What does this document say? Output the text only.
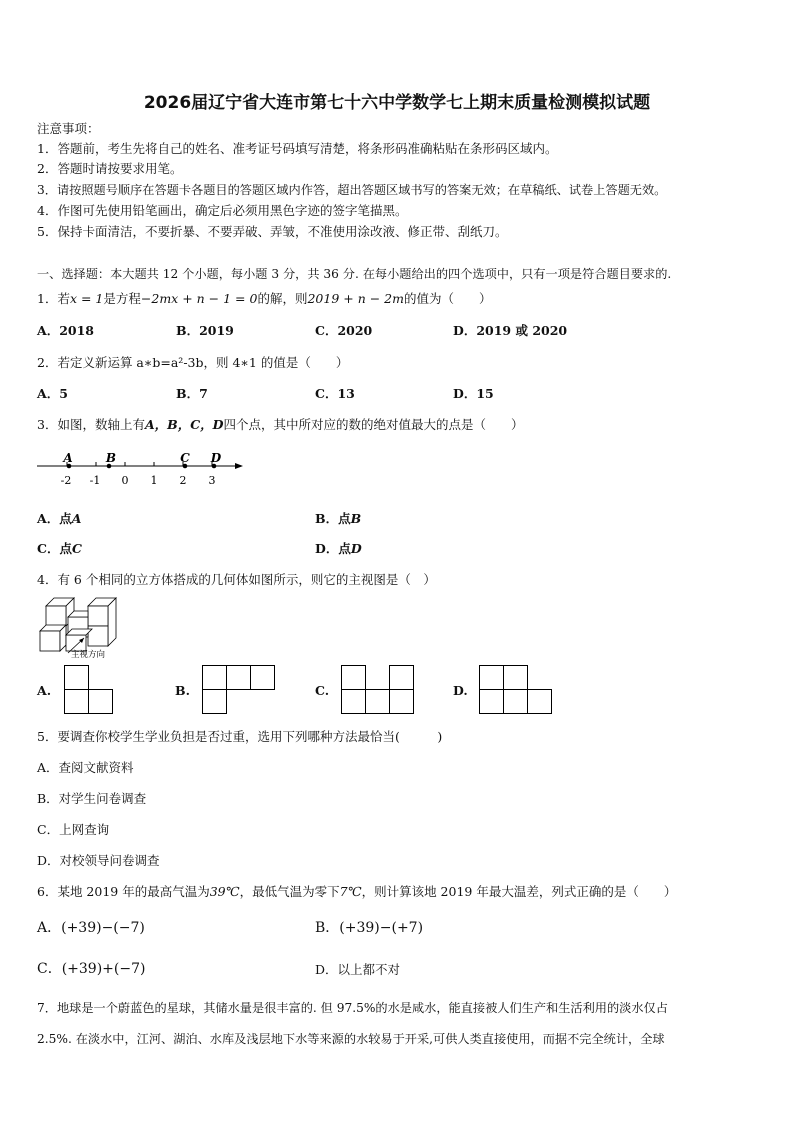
2026届辽宁省大连市第七十六中学数学七上期末质量检测模拟试题
注意事项：
1．答题前，考生先将自己的姓名、准考证号码填写清楚，将条形码准确粘贴在条形码区域内。
2．答题时请按要求用笔。
3．请按照题号顺序在答题卡各题目的答题区域内作答，超出答题区域书写的答案无效；在草稿纸、试卷上答题无效。
4．作图可先使用铅笔画出，确定后必须用黑色字迹的签字笔描黑。
5．保持卡面清洁，不要折暴、不要弄破、弄皱，不准使用涂改液、修正带、刮纸刀。
一、选择题：本大题共 12 个小题，每小题 3 分，共 36 分. 在每小题给出的四个选项中，只有一项是符合题目要求的.
1．若x = 1是方程−2mx + n − 1 = 0的解，则2019 + n − 2m的值为（　　）
A．2018	B．2019	C．2020	D．2019 或 2020
2．若定义新运算 a∗b=a²-3b，则 4∗1 的值是（　　）
A．5	B．7	C．13	D．15
3．如图，数轴上有A，B，C，D四个点，其中所对应的数的绝对值最大的点是（　　）
A	B	C D
-2 -1 0 1 2 3
A．点A	B．点B
C．点C	D．点D
4．有 6 个相同的立方体搭成的几何体如图所示，则它的主视图是（　）
主视方向
A.	B.	C.	D.
5．要调查你校学生学业负担是否过重，选用下列哪种方法最恰当(　　　)
A．查阅文献资料
B．对学生问卷调查
C．上网查询
D．对校领导问卷调查
6．某地 2019 年的最高气温为39℃，最低气温为零下7℃，则计算该地 2019 年最大温差，列式正确的是（　　）
A．(+39)−(−7)	B．(+39)−(+7)
C．(+39)+(−7)	D．以上都不对
7．地球是一个蔚蓝色的星球，其储水量是很丰富的. 但 97.5%的水是咸水，能直接被人们生产和生活利用的淡水仅占
2.5%. 在淡水中，江河、湖泊、水库及浅层地下水等来源的水较易于开采,可供人类直接使用，而据不完全统计，全球
